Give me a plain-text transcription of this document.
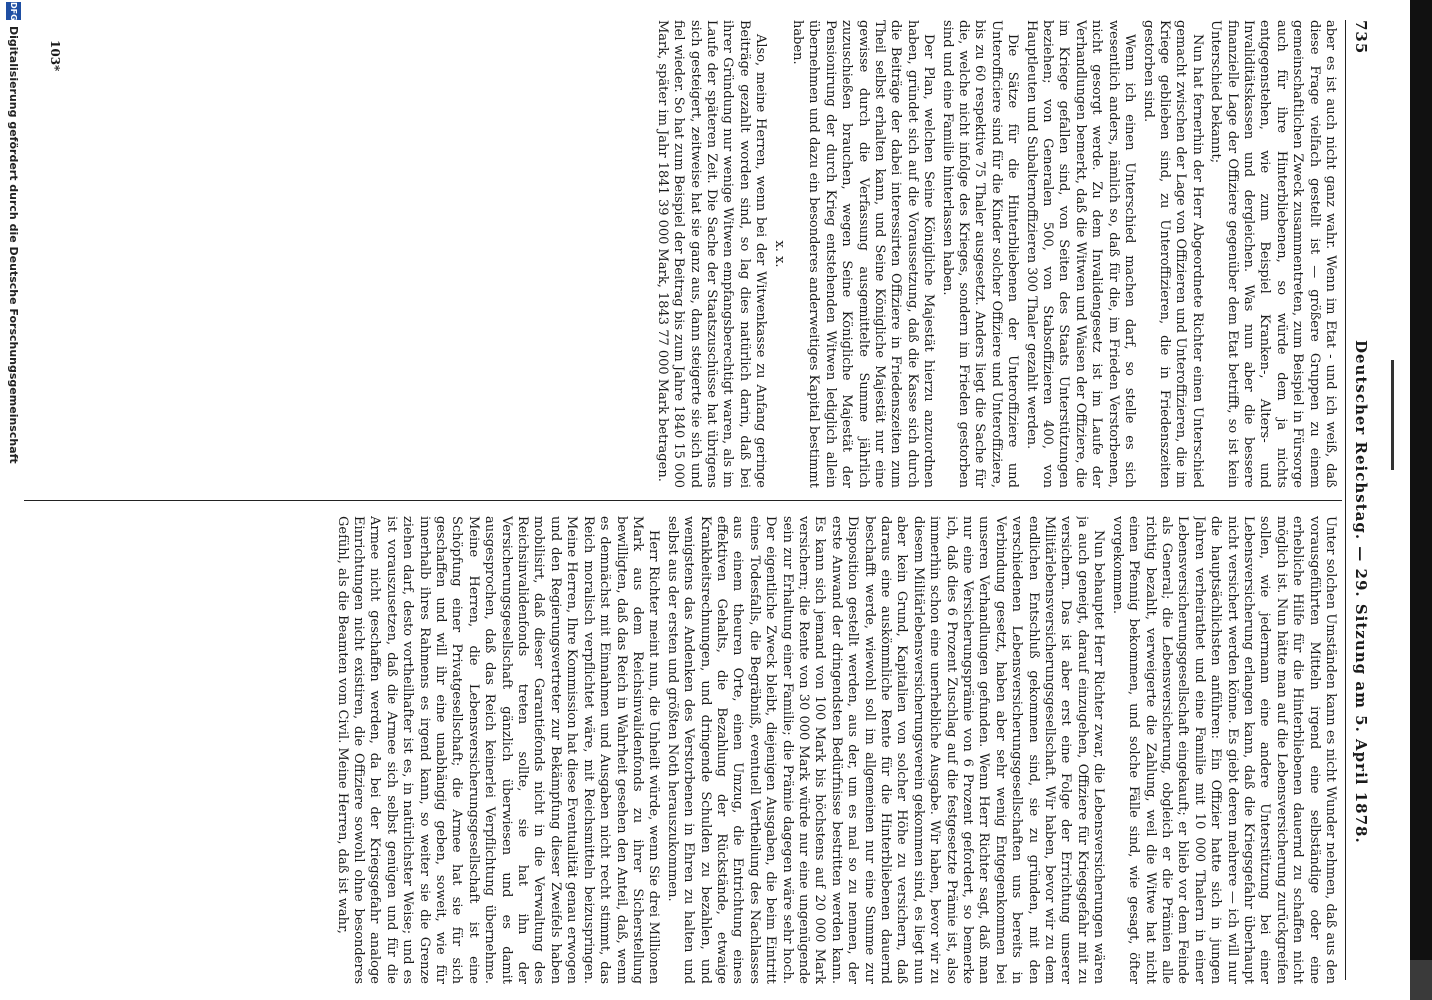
735
Deutscher Reichstag. — 29. Sitzung am 5. April 1878.

aber es ist auch nicht ganz wahr. Wenn im Etat - und ich weiß, daß diese Frage vielfach gestellt ist — größere Gruppen zu einem gemeinschaftlichen Zweck zusammentreten, zum Beispiel in Fürsorge auch für ihre Hinterbliebenen, so würde dem ja nichts entgegenstehen, wie zum Beispiel Kranken-, Alters- und Invaliditätskassen und dergleichen. Was nun aber die bessere finanzielle Lage der Offiziere gegenüber dem Etat betrifft, so ist kein Unterschied bekannt;

Nun hat fernerhin der Herr Abgeordnete Richter einen Unterschied gemacht zwischen der Lage von Offizieren und Unteroffizieren, die im Kriege geblieben sind, zu Unteroffizieren, die in Friedenszeiten gestorben sind.

Wenn ich einen Unterschied machen darf, so stelle es sich wesentlich anders, nämlich so, daß für die, im Frieden Verstorbenen, nicht gesorgt werde. Zu dem Invalidengesetz ist im Laufe der Verhandlungen bemerkt, daß die Witwen und Waisen der Offiziere, die im Kriege gefallen sind, von Seiten des Staats Unterstützungen beziehen; von Generalen 500, von Stabsoffizieren 400, von Hauptleuten und Subalternoffizieren 300 Thaler gezahlt werden.

Die Sätze für die Hinterbliebenen der Unteroffiziere und Unterofficiere sind für die Kinder solcher Offiziere und Unteroffiziere, bis zu 60 respektive 75 Thaler ausgesetzt. Anders liegt die Sache für die, welche nicht infolge des Krieges, sondern im Frieden gestorben sind und eine Familie hinterlassen haben.

Der Plan, welchen Seine Königliche Majestät hierzu anzuordnen haben, gründet sich auf die Voraussetzung, daß die Kasse sich durch die Beiträge der dabei interessirten Offiziere in Friedenszeiten zum Theil selbst erhalten kann, und Seine Königliche Majestät nur eine gewisse durch die Verfassung ausgemittelte Summe jährlich zuzuschießen brauchen, wegen Seine Königliche Majestät der Pensionirung der durch Krieg entstehenden Witwen lediglich allein übernehmen und dazu ein besonderes anderweitiges Kapital bestimmt haben.

x. x.

Also, meine Herren, wenn bei der Witwenkasse zu Anfang geringe Beiträge gezahlt worden sind, so lag dies natürlich darin, daß bei ihrer Gründung nur wenige Witwen empfangsberechtigt waren, als im Laufe der späteren Zeit. Die Sache der Staatszuschüsse hat übrigens sich gesteigert, zeitweise hat sie ganz aus, dann steigerte sie sich und fiel wieder. So hat zum Beispiel der Beitrag bis zum Jahre 1840 15 000 Mark, später im Jahr 1841 39 000 Mark, 1843 77 000 Mark betragen.

Unter solchen Umständen kann es nicht Wunder nehmen, daß aus den vorausgeführten Mitteln irgend eine selbständige oder eine erhebliche Hilfe für die Hinterbliebenen dauernd zu schaffen nicht möglich ist. Nun hätte man auf die Lebensversicherung zurückgreifen sollen, wie jedermann eine andere Unterstützung bei einer Lebensversicherung erlangen kann, daß die Kriegsgefahr überhaupt nicht versichert werden könne. Es giebt deren mehrere — ich will nur die hauptsächlichsten anführen: Ein Offizier hatte sich in jungen Jahren verheirathet und eine Familie mit 10 000 Thalern in einer Lebensversicherungsgesellschaft eingekauft; er blieb vor dem Feinde als General; die Lebensversicherung, obgleich er die Prämien alle richtig bezahlt, verweigerte die Zahlung, weil die Witwe hat nicht einen Pfennig bekommen, und solche Fälle sind, wie gesagt, öfter vorgekommen.

Nun behauptet Herr Richter zwar, die Lebensversicherungen wären ja auch geneigt, darauf einzugehen, Offiziere für Kriegsgefahr mit zu versichern. Das ist aber erst eine Folge der Errichtung unserer Militärlebensversicherungsgesellschaft. Wir haben, bevor wir zu dem endlichen Entschluß gekommen sind, sie zu gründen, mit den verschiedenen Lebensversicherungsgesellschaften uns bereits in Verbindung gesetzt, haben aber sehr wenig Entgegenkommen bei unseren Verhandlungen gefunden. Wenn Herr Richter sagt, daß man nur eine Versicherungsprämie von 6 Prozent gefordert, so bemerke ich, daß dies 6 Prozent Zuschlag auf die festgesetzte Prämie ist, also immerhin schon eine unerhebliche Ausgabe. Wir haben, bevor wir zu diesem Militärlebensversicherungsverein gekommen sind, es liegt nun aber kein Grund, Kapitalien von solcher Höhe zu versichern, daß daraus eine auskömmliche Rente für die Hinterbliebenen dauernd beschafft werde, wiewohl soll im allgemeinen nur eine Summe zur Disposition gestellt werden, aus der, um es mal so zu nennen, der erste Anwand der dringendsten Bedürfnisse bestritten werden kann. Es kann sich jemand von 100 Mark bis höchstens auf 20 000 Mark versichern; die Rente von 30 000 Mark würde nur eine ungenügende sein zur Erhaltung einer Familie; die Prämie dagegen wäre sehr hoch. Der eigentliche Zweck bleibt, diejenigen Ausgaben, die beim Eintritt eines Todesfalls, die Begräbniß, eventuell Vertheilung des Nachlasses aus einem theuren Orte, einen Umzug, die Entrichtung eines effektiven Gehalts, die Bezahlung der Rückstände, etwaige Krankheitsrechnungen, und dringende Schulden zu bezahlen, und wenigstens das Andenken des Verstorbenen in Ehren zu halten und selbst aus der ersten und größten Noth herauszukommen.

Herr Richter meint nun, die Unheilt würde, wenn Sie drei Millionen Mark aus dem Reichsinvalidenfonds zu ihrer Sicherstellung bewilligten, daß das Reich in Wahrheit gesehen den Anteil, daß, wenn es demnächst mit Einnahmen und Ausgaben nicht recht stimmt, das Reich moralisch verpflichtet wäre, mit Reichsmitteln beizuspringen. Meine Herren, Ihre Kommission hat diese Eventualität genau erwogen und den Regierungsvertreter zur Bekämpfung dieser Zweifels haben mobilisirt, daß dieser Garantiefonds nicht in die Verwaltung des Reichsinvalidenfonds treten sollte, sie hat ihn der Versicherungsgesellschaft gänzlich überwiesen und es damit ausgesprochen, daß das Reich keinerlei Verpflichtung übernehme. Meine Herren, die Lebensversicherungsgesellschaft ist eine Schöpfung einer Privatgesellschaft; die Armee hat sie für sich geschaffen und will ihr eine unabhängig geben, soweit, wie für innerhalb ihres Rahmens es irgend kann, so weiter sie die Grenze ziehen darf, desto vortheilhafter ist es, in natürlichster Weise; und es ist vorauszusetzen, daß die Armee sich selbst genügen und für die Armee nicht geschaffen werden, da bei der Kriegsgefahr analoge Einrichtungen nicht existiren, die Offiziere sowohl ohne besonderes Gefühl, als die Beamten vom Civil. Meine Herren, daß ist wahr,

103*
DFG
Digitalisierung gefördert durch die Deutsche Forschungsgemeinschaft
